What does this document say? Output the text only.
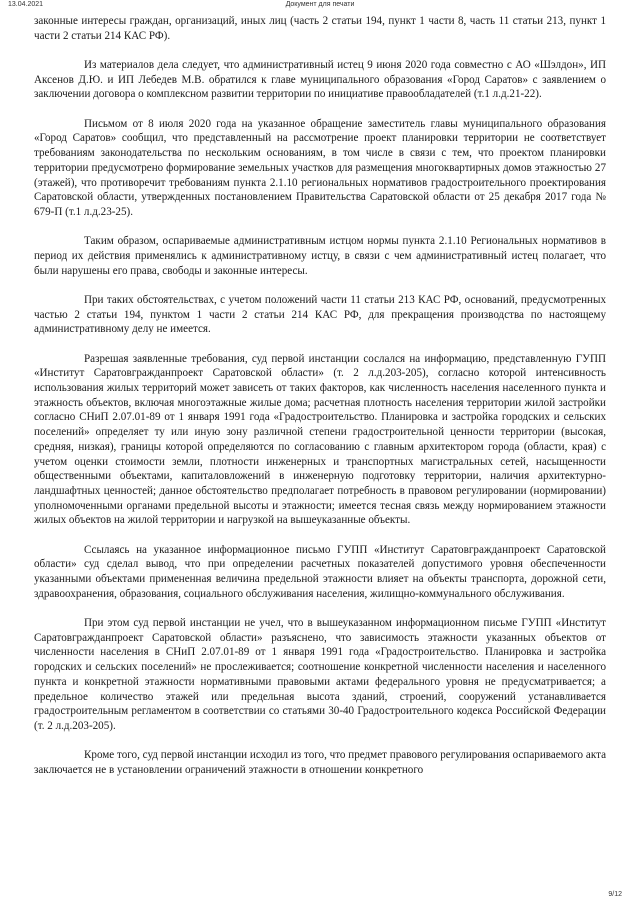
13.04.2021	Документ для печати

законные интересы граждан, организаций, иных лиц (часть 2 статьи 194, пункт 1 части 8, часть 11 статьи 213, пункт 1 части 2 статьи 214 КАС РФ).

Из материалов дела следует, что административный истец 9 июня 2020 года совместно с АО «Шэлдон», ИП Аксенов Д.Ю. и ИП Лебедев М.В. обратился к главе муниципального образования «Город Саратов» с заявлением о заключении договора о комплексном развитии территории по инициативе правообладателей (т.1 л.д.21-22).

Письмом от 8 июля 2020 года на указанное обращение заместитель главы муниципального образования «Город Саратов» сообщил, что представленный на рассмотрение проект планировки территории не соответствует требованиям законодательства по нескольким основаниям, в том числе в связи с тем, что проектом планировки территории предусмотрено формирование земельных участков для размещения многоквартирных домов этажностью 27 (этажей), что противоречит требованиям пункта 2.1.10 региональных нормативов градостроительного проектирования Саратовской области, утвержденных постановлением Правительства Саратовской области от 25 декабря 2017 года № 679-П (т.1 л.д.23-25).

Таким образом, оспариваемые административным истцом нормы пункта 2.1.10 Региональных нормативов в период их действия применялись к административному истцу, в связи с чем административный истец полагает, что были нарушены его права, свободы и законные интересы.

При таких обстоятельствах, с учетом положений части 11 статьи 213 КАС РФ, оснований, предусмотренных частью 2 статьи 194, пунктом 1 части 2 статьи 214 КАС РФ, для прекращения производства по настоящему административному делу не имеется.

Разрешая заявленные требования, суд первой инстанции сослался на информацию, представленную ГУПП «Институт Саратовгражданпроект Саратовской области» (т. 2 л.д.203-205), согласно которой интенсивность использования жилых территорий может зависеть от таких факторов, как численность населения населенного пункта и этажность объектов, включая многоэтажные жилые дома; расчетная плотность населения территории жилой застройки согласно СНиП 2.07.01-89 от 1 января 1991 года «Градостроительство. Планировка и застройка городских и сельских поселений» определяет ту или иную зону различной степени градостроительной ценности территории (высокая, средняя, низкая), границы которой определяются по согласованию с главным архитектором города (области, края) с учетом оценки стоимости земли, плотности инженерных и транспортных магистральных сетей, насыщенности общественными объектами, капиталовложений в инженерную подготовку территории, наличия архитектурно-ландшафтных ценностей; данное обстоятельство предполагает потребность в правовом регулировании (нормировании) уполномоченными органами предельной высоты и этажности; имеется тесная связь между нормированием этажности жилых объектов на жилой территории и нагрузкой на вышеуказанные объекты.

Ссылаясь на указанное информационное письмо ГУПП «Институт Саратовгражданпроект Саратовской области» суд сделал вывод, что при определении расчетных показателей допустимого уровня обеспеченности указанными объектами примененная величина предельной этажности влияет на объекты транспорта, дорожной сети, здравоохранения, образования, социального обслуживания населения, жилищно-коммунального обслуживания.

При этом суд первой инстанции не учел, что в вышеуказанном информационном письме ГУПП «Институт Саратовгражданпроект Саратовской области» разъяснено, что зависимость этажности указанных объектов от численности населения в СНиП 2.07.01-89 от 1 января 1991 года «Градостроительство. Планировка и застройка городских и сельских поселений» не прослеживается; соотношение конкретной численности населения и населенного пункта и конкретной этажности нормативными правовыми актами федерального уровня не предусматривается; а предельное количество этажей или предельная высота зданий, строений, сооружений устанавливается градостроительным регламентом в соответствии со статьями 30-40 Градостроительного кодекса Российской Федерации (т. 2 л.д.203-205).

Кроме того, суд первой инстанции исходил из того, что предмет правового регулирования оспариваемого акта заключается не в установлении ограничений этажности в отношении конкретного

9/12
